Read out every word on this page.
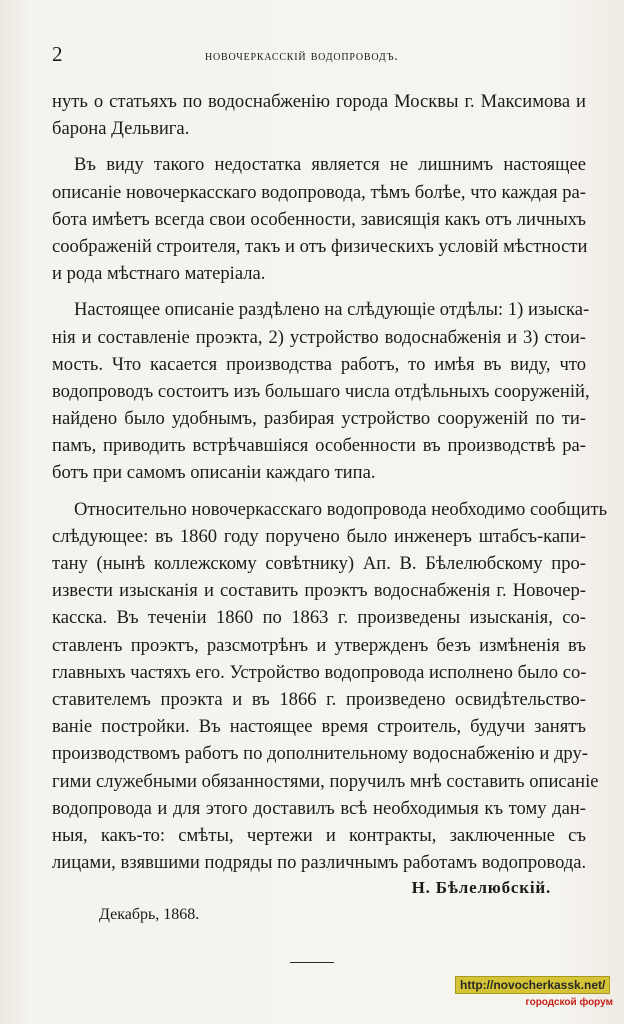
2	новочеркасскій водопроводъ.
нуть о статьяхъ по водоснабженію города Москвы г. Максимова и
барона Дельвига.
Въ виду такого недостатка является не лишнимъ настоящее
описаніе новочеркасскаго водопровода, тѣмъ болѣе, что каждая ра-
бота имѣетъ всегда свои особенности, зависящія какъ отъ личныхъ
соображеній строителя, такъ и отъ физическихъ условій мѣстности
и рода мѣстнаго матеріала.
Настоящее описаніе раздѣлено на слѣдующіе отдѣлы: 1) изыска-
нія и составленіе проэкта, 2) устройство водоснабженія и 3) стои-
мость. Что касается производства работъ, то имѣя въ виду, что
водопроводъ состоитъ изъ большаго числа отдѣльныхъ сооруженій,
найдено было удобнымъ, разбирая устройство сооруженій по ти-
памъ, приводить встрѣчавшіяся особенности въ производствѣ ра-
ботъ при самомъ описаніи каждаго типа.
Относительно новочеркасскаго водопровода необходимо сообщить
слѣдующее: въ 1860 году поручено было инженеръ штабсъ-капи-
тану (нынѣ коллежскому совѣтнику) Ап. В. Бѣлелюбскому про-
извести изысканія и составить проэктъ водоснабженія г. Новочер-
касска. Въ теченіи 1860 по 1863 г. произведены изысканія, со-
ставленъ проэктъ, разсмотрѣнъ и утвержденъ безъ измѣненія въ
главныхъ частяхъ его. Устройство водопровода исполнено было со-
ставителемъ проэкта и въ 1866 г. произведено освидѣтельство-
ваніе постройки. Въ настоящее время строитель, будучи занятъ
производствомъ работъ по дополнительному водоснабженію и дру-
гими служебными обязанностями, поручилъ мнѣ составить описаніе
водопровода и для этого доставилъ всѣ необходимыя къ тому дан-
ныя, какъ-то: смѣты, чертежи и контракты, заключенные съ
лицами, взявшими подряды по различнымъ работамъ водопровода.
Н. Бѣлелюбскій.
Декабрь, 1868.
http://novocherkassk.net/
городской форум
